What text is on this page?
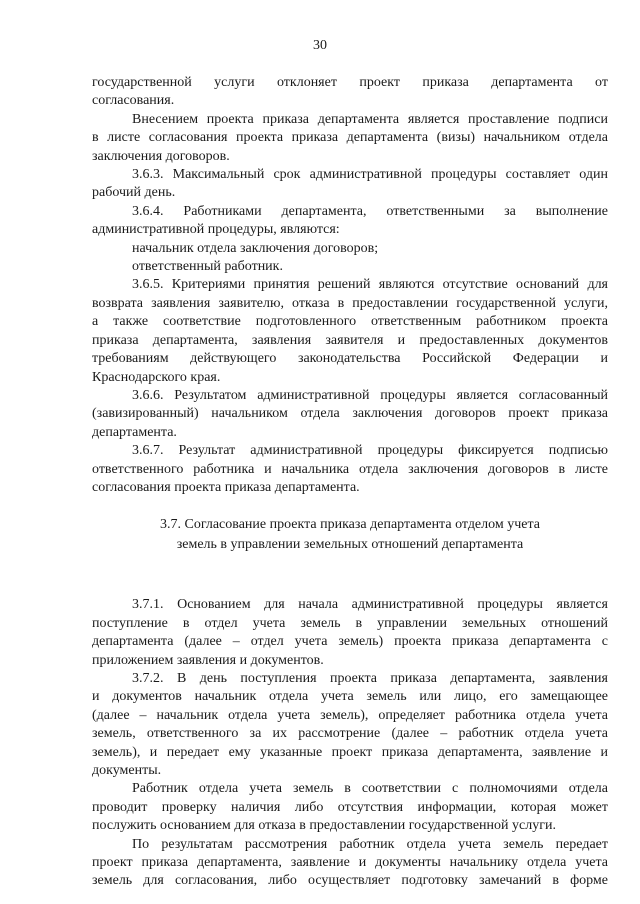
30

государственной услуги отклоняет проект приказа департамента от
согласования.

Внесением проекта приказа департамента является проставление подписи
в листе согласования проекта приказа департамента (визы) начальником отдела
заключения договоров.

3.6.3. Максимальный срок административной процедуры составляет один
рабочий день.

3.6.4. Работниками департамента, ответственными за выполнение
административной процедуры, являются:

начальник отдела заключения договоров;

ответственный работник.

3.6.5. Критериями принятия решений являются отсутствие оснований для
возврата заявления заявителю, отказа в предоставлении государственной услуги,
а также соответствие подготовленного ответственным работником проекта
приказа департамента, заявления заявителя и предоставленных документов
требованиям действующего законодательства Российской Федерации и
Краснодарского края.

3.6.6. Результатом административной процедуры является согласованный
(завизированный) начальником отдела заключения договоров проект приказа
департамента.

3.6.7. Результат административной процедуры фиксируется подписью
ответственного работника и начальника отдела заключения договоров в листе
согласования проекта приказа департамента.

3.7. Согласование проекта приказа департамента отделом учета
земель в управлении земельных отношений департамента

3.7.1. Основанием для начала административной процедуры является
поступление в отдел учета земель в управлении земельных отношений
департамента (далее – отдел учета земель) проекта приказа департамента с
приложением заявления и документов.

3.7.2. В день поступления проекта приказа департамента, заявления
и документов начальник отдела учета земель или лицо, его замещающее
(далее – начальник отдела учета земель), определяет работника отдела учета
земель, ответственного за их рассмотрение (далее – работник отдела учета
земель), и передает ему указанные проект приказа департамента, заявление и
документы.

Работник отдела учета земель в соответствии с полномочиями отдела
проводит проверку наличия либо отсутствия информации, которая может
послужить основанием для отказа в предоставлении государственной услуги.

По результатам рассмотрения работник отдела учета земель передает
проект приказа департамента, заявление и документы начальнику отдела учета
земель для согласования, либо осуществляет подготовку замечаний в форме
